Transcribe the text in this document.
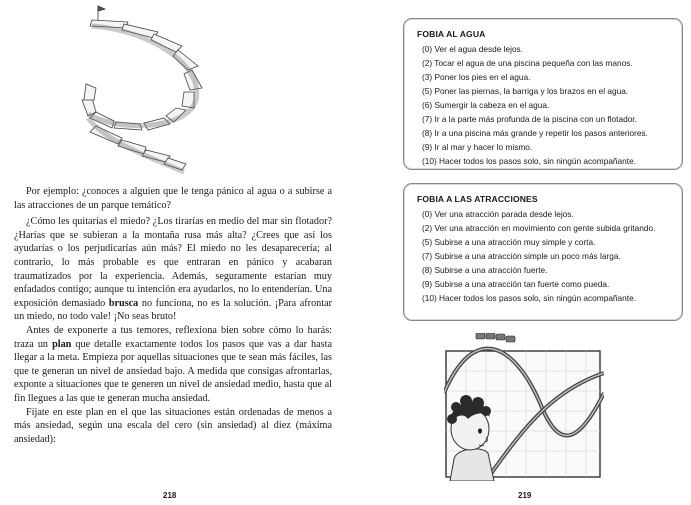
Por ejemplo: ¿conoces a alguien que le tenga pánico al agua o a subirse a las atracciones de un parque temático?

¿Cómo les quitarías el miedo? ¿Los tirarías en medio del mar sin flotador? ¿Harías que se subieran a la montaña rusa más alta? ¿Crees que así los ayudarías o los perjudicarías aún más? El miedo no les desaparecería; al contrario, lo más probable es que entraran en pánico y acabaran traumatizados por la experiencia. Además, seguramente estarían muy enfadados contigo; aunque tu intención era ayudarlos, no lo entenderían. Una exposición demasiado brusca no funciona, no es la solución. ¡Para afrontar un miedo, no todo vale! ¡No seas bruto!

Antes de exponerte a tus temores, reflexiona bien sobre cómo lo harás: traza un plan que detalle exactamente todos los pasos que vas a dar hasta llegar a la meta. Empieza por aquellas situaciones que te sean más fáciles, las que te generan un nivel de ansiedad bajo. A medida que consigas afrontarlas, exponte a situaciones que te generen un nivel de ansiedad medio, hasta que al fin llegues a las que te generan mucha ansiedad.

Fíjate en este plan en el que las situaciones están ordenadas de menos a más ansiedad, según una escala del cero (sin ansiedad) al diez (máxima ansiedad):

218
FOBIA AL AGUA
(0) Ver el agua desde lejos.
(2) Tocar el agua de una piscina pequeña con las manos.
(3) Poner los pies en el agua.
(5) Poner las piernas, la barriga y los brazos en el agua.
(6) Sumergir la cabeza en el agua.
(7) Ir a la parte más profunda de la piscina con un flotador.
(8) Ir a una piscina más grande y repetir los pasos anteriores.
(9) Ir al mar y hacer lo mismo.
(10) Hacer todos los pasos solo, sin ningún acompañante.
FOBIA A LAS ATRACCIONES
(0) Ver una atracción parada desde lejos.
(2) Ver una atracción en movimiento con gente subida gritando.
(5) Subirse a una atracción muy simple y corta.
(7) Subirse a una atracción simple un poco más larga.
(8) Subirse a una atracción fuerte.
(9) Subirse a una atracción tan fuerte como pueda.
(10) Hacer todos los pasos solo, sin ningún acompañante.
219
